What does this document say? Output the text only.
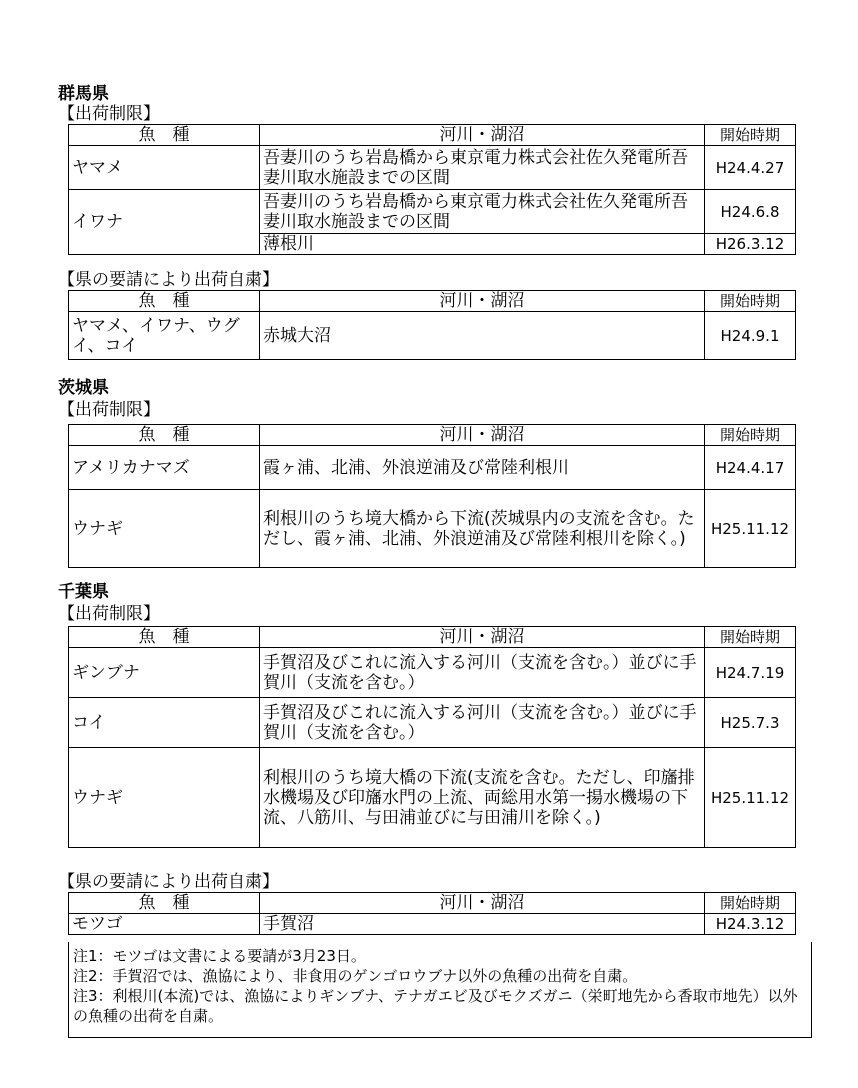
群馬県
【出荷制限】
魚　種	河川・湖沼	開始時期
ヤマメ	吾妻川のうち岩島橋から東京電力株式会社佐久発電所吾妻川取水施設までの区間	H24.4.27
イワナ	吾妻川のうち岩島橋から東京電力株式会社佐久発電所吾妻川取水施設までの区間	H24.6.8
	薄根川	H26.3.12
【県の要請により出荷自粛】
魚　種	河川・湖沼	開始時期
ヤマメ、イワナ、ウグイ、コイ	赤城大沼	H24.9.1
茨城県
【出荷制限】
魚　種	河川・湖沼	開始時期
アメリカナマズ	霞ヶ浦、北浦、外浪逆浦及び常陸利根川	H24.4.17
ウナギ	利根川のうち境大橋から下流(茨城県内の支流を含む。ただし、霞ヶ浦、北浦、外浪逆浦及び常陸利根川を除く。)	H25.11.12
千葉県
【出荷制限】
魚　種	河川・湖沼	開始時期
ギンブナ	手賀沼及びこれに流入する河川（支流を含む。）並びに手賀川（支流を含む。）	H24.7.19
コイ	手賀沼及びこれに流入する河川（支流を含む。）並びに手賀川（支流を含む。）	H25.7.3
ウナギ	利根川のうち境大橋の下流(支流を含む。ただし、印旛排水機場及び印旛水門の上流、両総用水第一揚水機場の下流、八筋川、与田浦並びに与田浦川を除く。)	H25.11.12
【県の要請により出荷自粛】
魚　種	河川・湖沼	開始時期
モツゴ	手賀沼	H24.3.12
注1：モツゴは文書による要請が3月23日。
注2：手賀沼では、漁協により、非食用のゲンゴロウブナ以外の魚種の出荷を自粛。
注3：利根川(本流)では、漁協によりギンブナ、テナガエビ及びモクズガニ（栄町地先から香取市地先）以外の魚種の出荷を自粛。
